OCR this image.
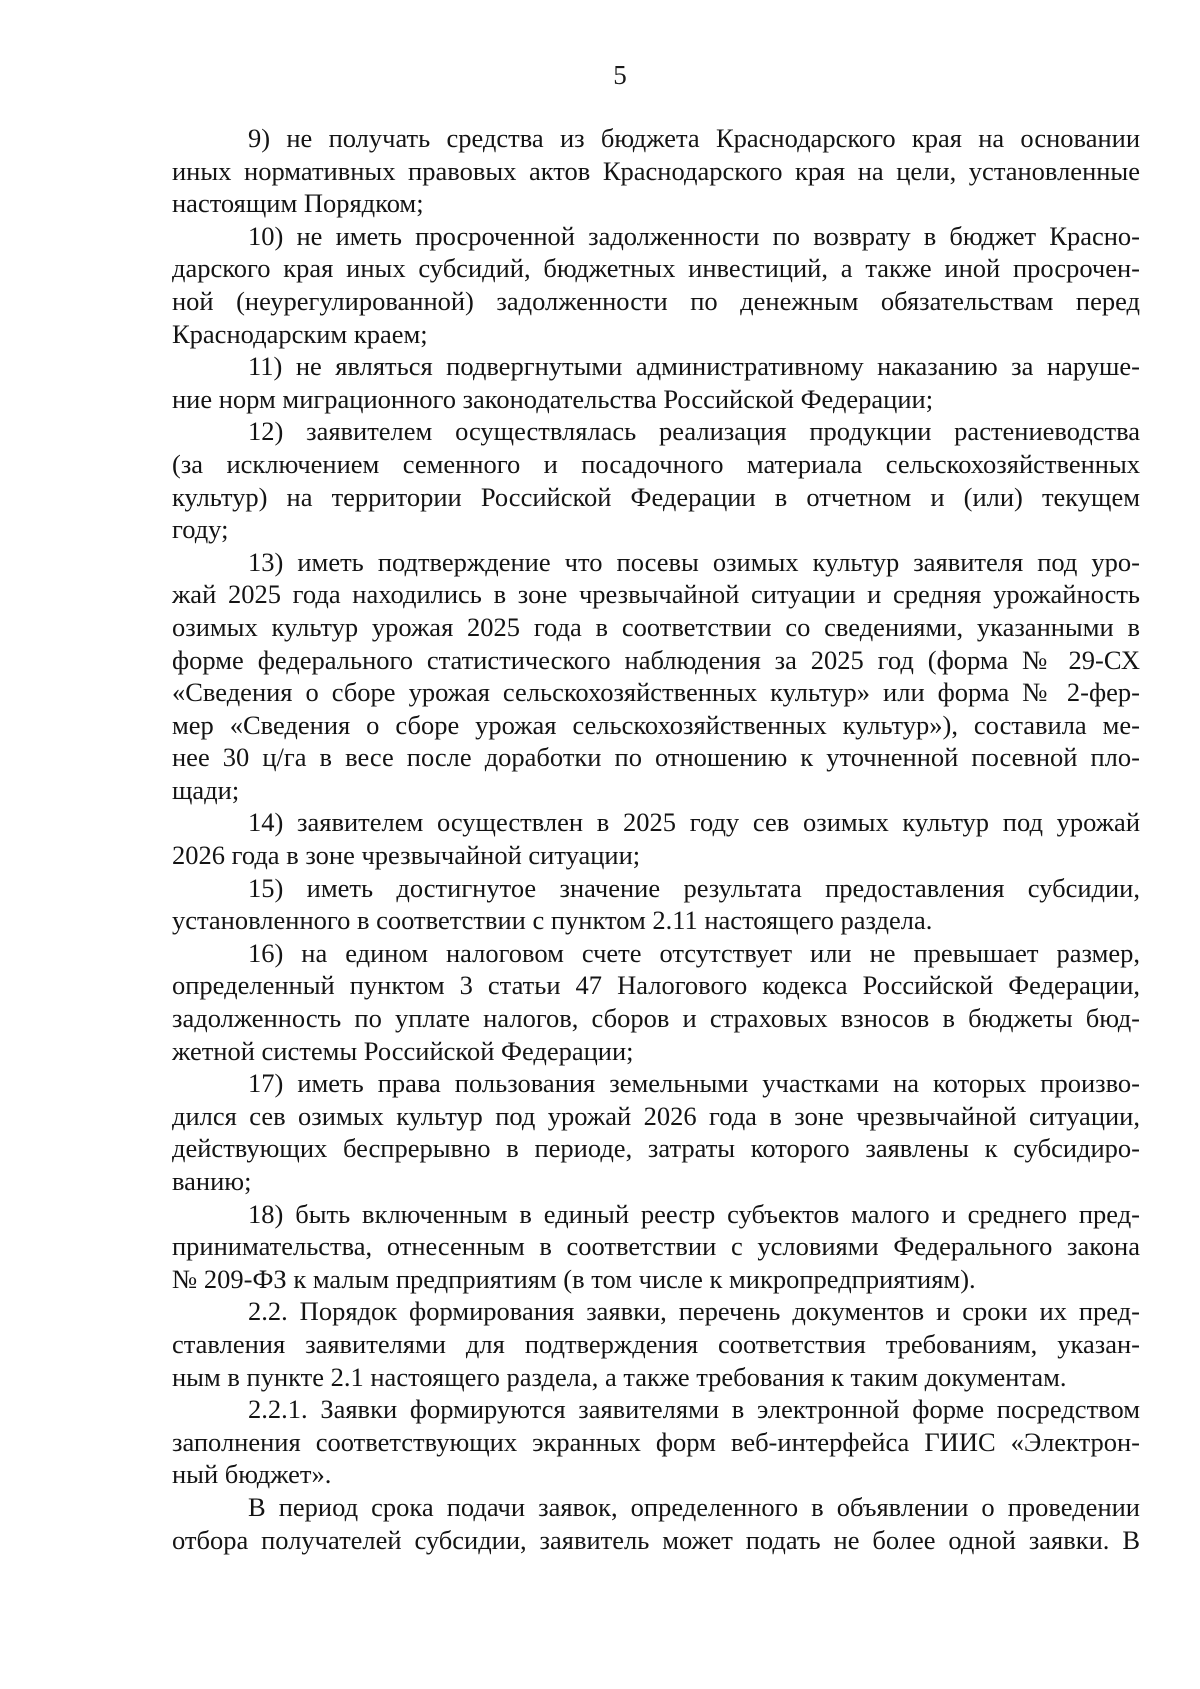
5
9) не получать средства из бюджета Краснодарского края на основании
иных нормативных правовых актов Краснодарского края на цели, установленные
настоящим Порядком;
10) не иметь просроченной задолженности по возврату в бюджет Красно-
дарского края иных субсидий, бюджетных инвестиций, а также иной просрочен-
ной (неурегулированной) задолженности по денежным обязательствам перед
Краснодарским краем;
11) не являться подвергнутыми административному наказанию за наруше-
ние норм миграционного законодательства Российской Федерации;
12) заявителем осуществлялась реализация продукции растениеводства
(за исключением семенного и посадочного материала сельскохозяйственных
культур) на территории Российской Федерации в отчетном и (или) текущем
году;
13) иметь подтверждение что посевы озимых культур заявителя под уро-
жай 2025 года находились в зоне чрезвычайной ситуации и средняя урожайность
озимых культур урожая 2025 года в соответствии со сведениями, указанными в
форме федерального статистического наблюдения за 2025 год (форма № 29-СХ
«Сведения о сборе урожая сельскохозяйственных культур» или форма № 2-фер-
мер «Сведения о сборе урожая сельскохозяйственных культур»), составила ме-
нее 30 ц/га в весе после доработки по отношению к уточненной посевной пло-
щади;
14) заявителем осуществлен в 2025 году сев озимых культур под урожай
2026 года в зоне чрезвычайной ситуации;
15) иметь достигнутое значение результата предоставления субсидии,
установленного в соответствии с пунктом 2.11 настоящего раздела.
16) на едином налоговом счете отсутствует или не превышает размер,
определенный пунктом 3 статьи 47 Налогового кодекса Российской Федерации,
задолженность по уплате налогов, сборов и страховых взносов в бюджеты бюд-
жетной системы Российской Федерации;
17) иметь права пользования земельными участками на которых произво-
дился сев озимых культур под урожай 2026 года в зоне чрезвычайной ситуации,
действующих беспрерывно в периоде, затраты которого заявлены к субсидиро-
ванию;
18) быть включенным в единый реестр субъектов малого и среднего пред-
принимательства, отнесенным в соответствии с условиями Федерального закона
№ 209-ФЗ к малым предприятиям (в том числе к микропредприятиям).
2.2. Порядок формирования заявки, перечень документов и сроки их пред-
ставления заявителями для подтверждения соответствия требованиям, указан-
ным в пункте 2.1 настоящего раздела, а также требования к таким документам.
2.2.1. Заявки формируются заявителями в электронной форме посредством
заполнения соответствующих экранных форм веб-интерфейса ГИИС «Электрон-
ный бюджет».
В период срока подачи заявок, определенного в объявлении о проведении
отбора получателей субсидии, заявитель может подать не более одной заявки. В
